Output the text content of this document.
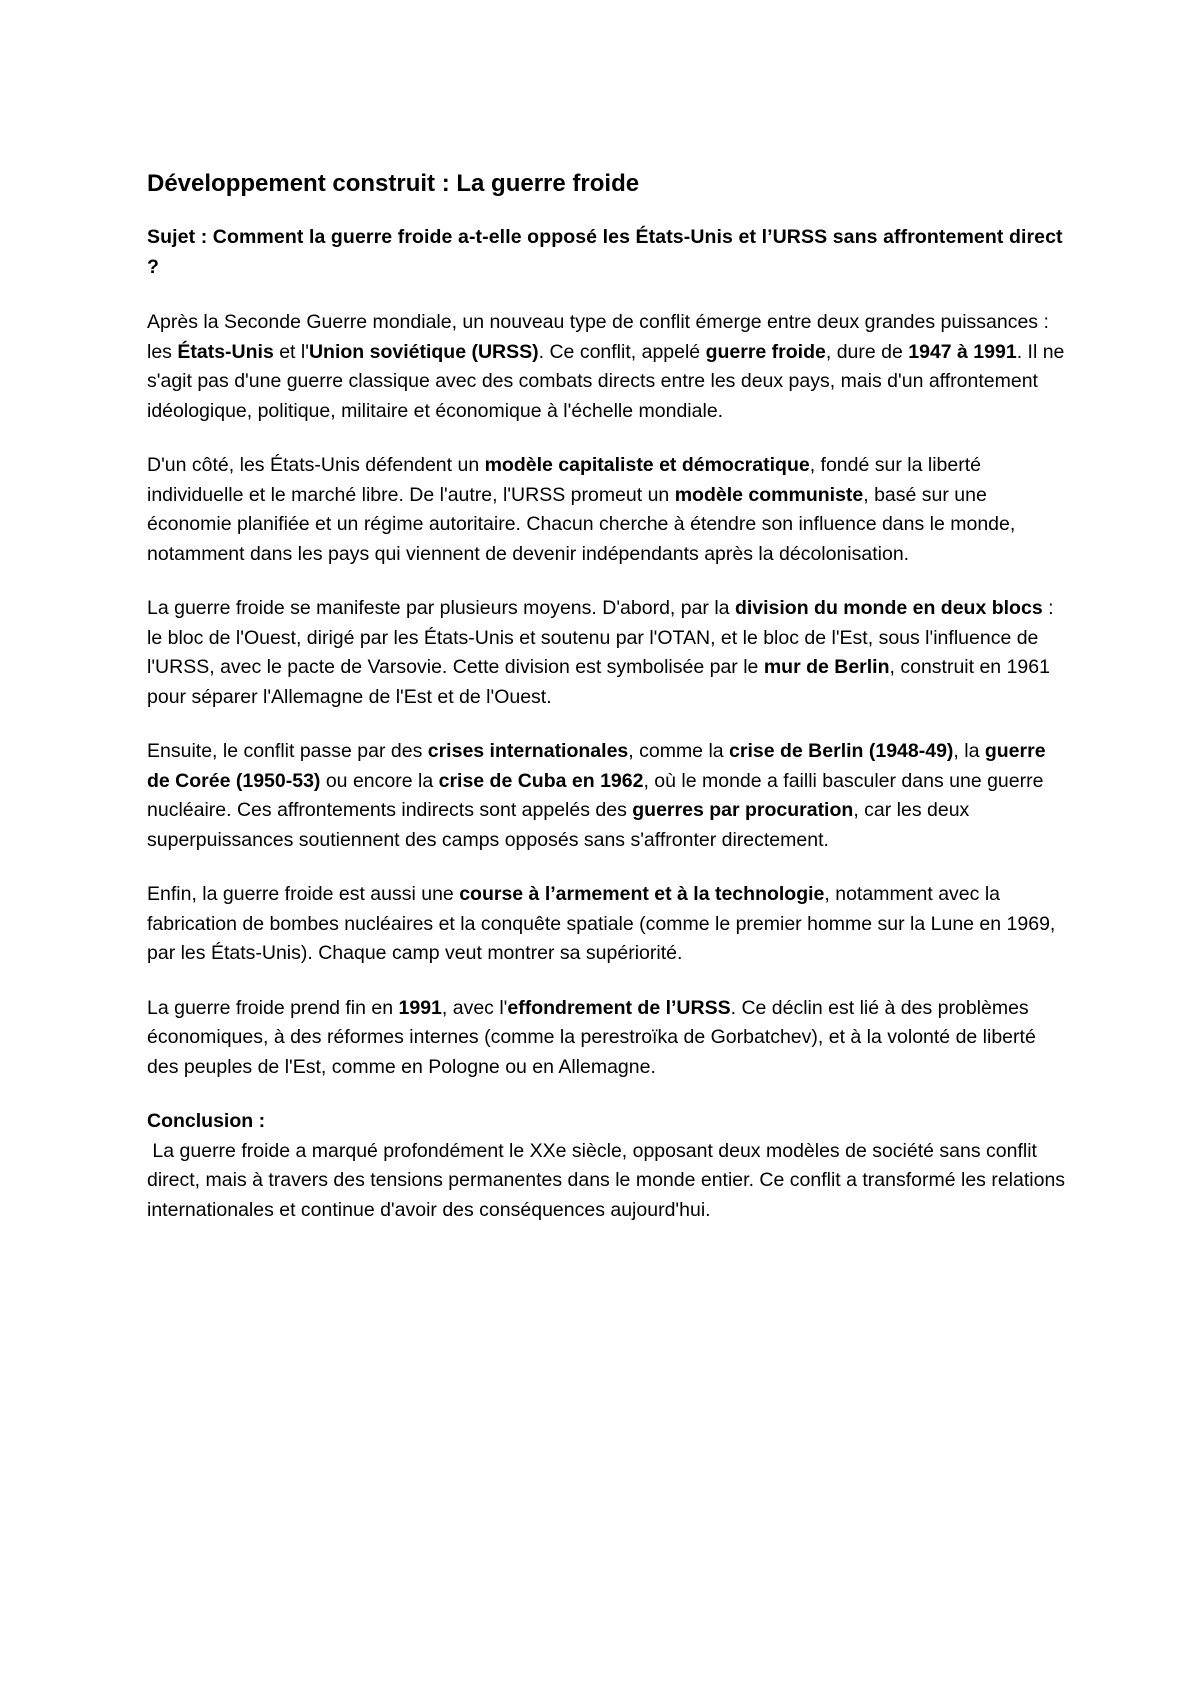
Développement construit : La guerre froide

Sujet : Comment la guerre froide a-t-elle opposé les États-Unis et l’URSS sans affrontement direct ?

Après la Seconde Guerre mondiale, un nouveau type de conflit émerge entre deux grandes puissances : les États-Unis et l'Union soviétique (URSS). Ce conflit, appelé guerre froide, dure de 1947 à 1991. Il ne s'agit pas d'une guerre classique avec des combats directs entre les deux pays, mais d'un affrontement idéologique, politique, militaire et économique à l'échelle mondiale.

D'un côté, les États-Unis défendent un modèle capitaliste et démocratique, fondé sur la liberté individuelle et le marché libre. De l'autre, l'URSS promeut un modèle communiste, basé sur une économie planifiée et un régime autoritaire. Chacun cherche à étendre son influence dans le monde, notamment dans les pays qui viennent de devenir indépendants après la décolonisation.

La guerre froide se manifeste par plusieurs moyens. D'abord, par la division du monde en deux blocs : le bloc de l'Ouest, dirigé par les États-Unis et soutenu par l'OTAN, et le bloc de l'Est, sous l'influence de l'URSS, avec le pacte de Varsovie. Cette division est symbolisée par le mur de Berlin, construit en 1961 pour séparer l'Allemagne de l'Est et de l'Ouest.

Ensuite, le conflit passe par des crises internationales, comme la crise de Berlin (1948-49), la guerre de Corée (1950-53) ou encore la crise de Cuba en 1962, où le monde a failli basculer dans une guerre nucléaire. Ces affrontements indirects sont appelés des guerres par procuration, car les deux superpuissances soutiennent des camps opposés sans s'affronter directement.

Enfin, la guerre froide est aussi une course à l’armement et à la technologie, notamment avec la fabrication de bombes nucléaires et la conquête spatiale (comme le premier homme sur la Lune en 1969, par les États-Unis). Chaque camp veut montrer sa supériorité.

La guerre froide prend fin en 1991, avec l'effondrement de l’URSS. Ce déclin est lié à des problèmes économiques, à des réformes internes (comme la perestroïka de Gorbatchev), et à la volonté de liberté des peuples de l'Est, comme en Pologne ou en Allemagne.

Conclusion :

La guerre froide a marqué profondément le XXe siècle, opposant deux modèles de société sans conflit direct, mais à travers des tensions permanentes dans le monde entier. Ce conflit a transformé les relations internationales et continue d'avoir des conséquences aujourd'hui.
